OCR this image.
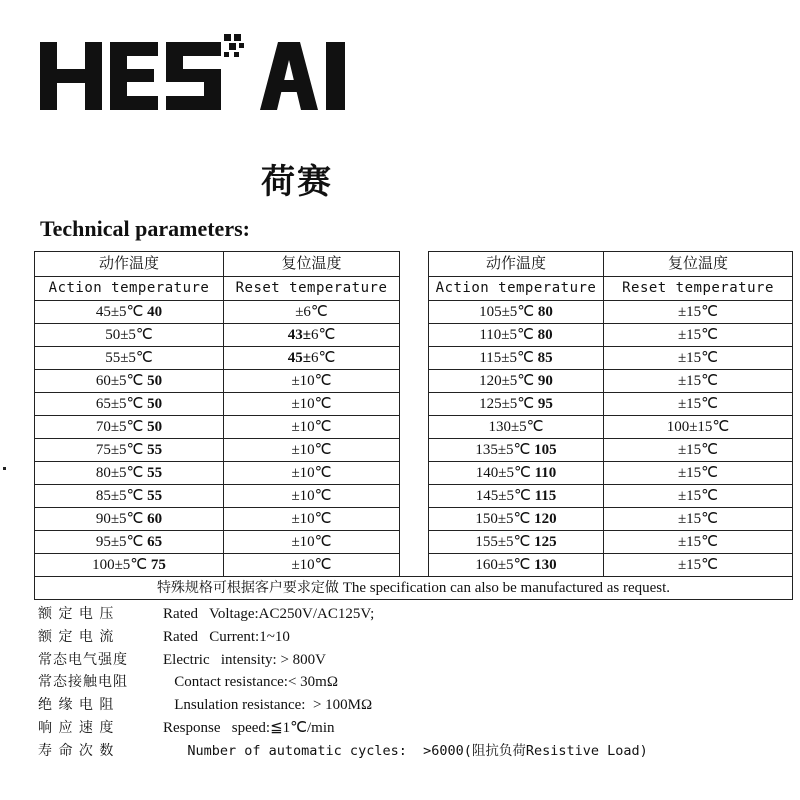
荷赛
Technical parameters:
动作温度	复位温度		动作温度	复位温度
Action temperature	Reset temperature		Action temperature	Reset temperature
45±5℃ 40	±6℃		105±5℃ 80	±15℃
50±5℃	43±6℃		110±5℃ 80	±15℃
55±5℃	45±6℃		115±5℃ 85	±15℃
60±5℃ 50	±10℃		120±5℃ 90	±15℃
65±5℃ 50	±10℃		125±5℃ 95	±15℃
70±5℃ 50	±10℃		130±5℃	100±15℃
75±5℃ 55	±10℃		135±5℃ 105	±15℃
80±5℃ 55	±10℃		140±5℃ 110	±15℃
85±5℃ 55	±10℃		145±5℃ 115	±15℃
90±5℃ 60	±10℃		150±5℃ 120	±15℃
95±5℃ 65	±10℃		155±5℃ 125	±15℃
100±5℃ 75	±10℃		160±5℃ 130	±15℃
特殊规格可根据客户要求定做 The specification can also be manufactured as request.				
额 定 电 压	Rated   Voltage:AC250V/AC125V;
额 定 电 流	Rated   Current:1~10
常态电气强度 Electric   intensity: > 800V
常态接触电阻   Contact resistance:< 30mΩ
绝 缘 电 阻	Lnsulation resistance:  > 100MΩ
响 应 速 度	Response   speed:≦1℃/min
寿 命 次 数	Number of automatic cycles:  >6000(阻抗负荷Resistive Load)
